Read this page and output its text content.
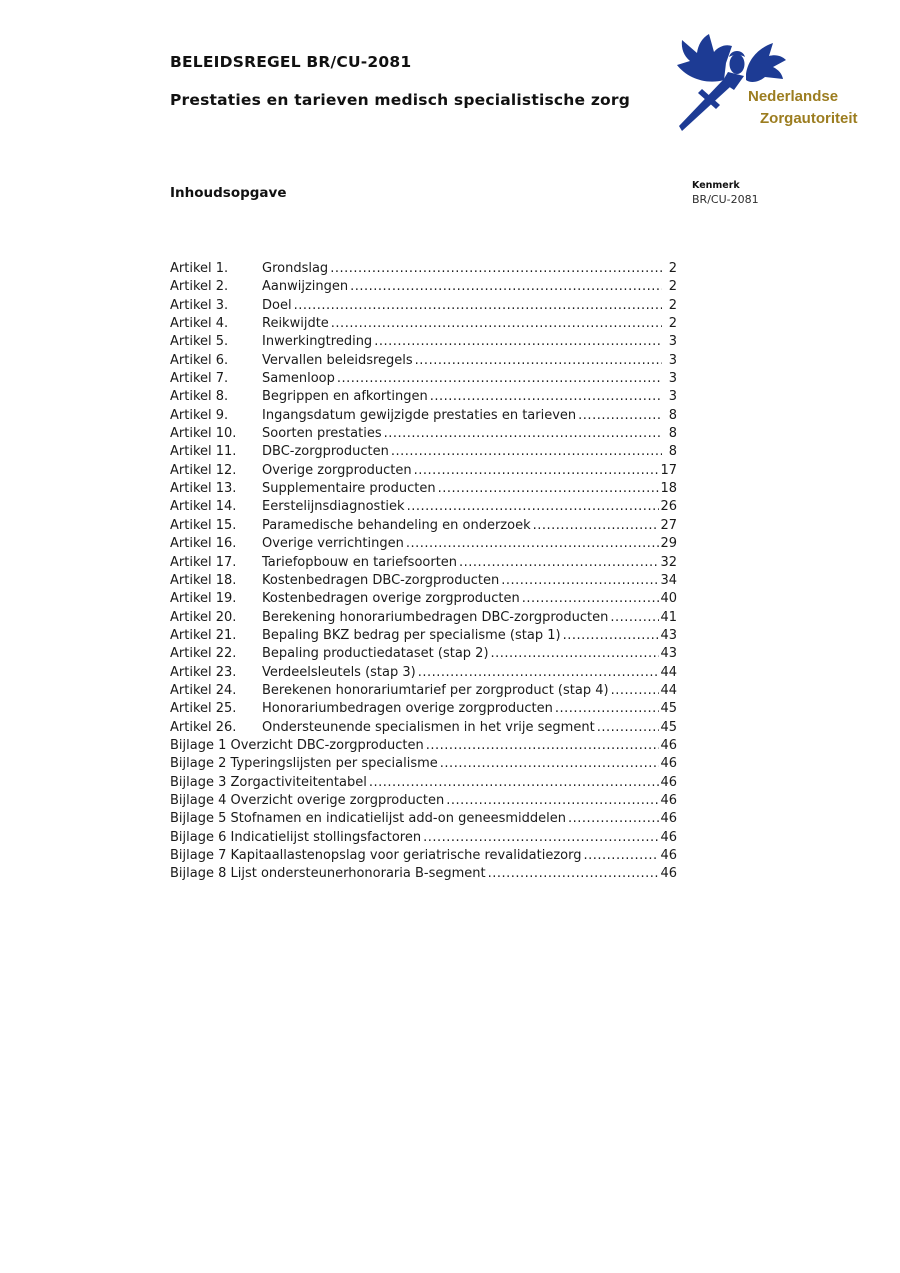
BELEIDSREGEL BR/CU-2081
Prestaties en tarieven medisch specialistische zorg	Nederlandse
Zorgautoriteit
Kenmerk
BR/CU-2081
Inhoudsopgave
Artikel 1.	Grondslag .....	2
Artikel 2.	Aanwijzingen .....	2
Artikel 3.	Doel .....	2
Artikel 4.	Reikwijdte .....	2
Artikel 5.	Inwerkingtreding .....	3
Artikel 6.	Vervallen beleidsregels .....	3
Artikel 7.	Samenloop .....	3
Artikel 8.	Begrippen en afkortingen .....	3
Artikel 9.	Ingangsdatum gewijzigde prestaties en tarieven .....	8
Artikel 10.	Soorten prestaties .....	8
Artikel 11.	DBC-zorgproducten .....	8
Artikel 12.	Overige zorgproducten .....	17
Artikel 13.	Supplementaire producten .....	18
Artikel 14.	Eerstelijnsdiagnostiek .....	26
Artikel 15.	Paramedische behandeling en onderzoek .....	27
Artikel 16.	Overige verrichtingen .....	29
Artikel 17.	Tariefopbouw en tariefsoorten .....	32
Artikel 18.	Kostenbedragen DBC-zorgproducten .....	34
Artikel 19.	Kostenbedragen overige zorgproducten .....	40
Artikel 20.	Berekening honorariumbedragen DBC-zorgproducten .....	41
Artikel 21.	Bepaling BKZ bedrag per specialisme (stap 1) .....	43
Artikel 22.	Bepaling productiedataset (stap 2) .....	43
Artikel 23.	Verdeelsleutels (stap 3) .....	44
Artikel 24.	Berekenen honorariumtarief per zorgproduct (stap 4) .....	44
Artikel 25.	Honorariumbedragen overige zorgproducten .....	45
Artikel 26.	Ondersteunende specialismen in het vrije segment .....	45
Bijlage 1 Overzicht DBC-zorgproducten .....	46
Bijlage 2 Typeringslijsten per specialisme .....	46
Bijlage 3 Zorgactiviteitentabel .....	46
Bijlage 4 Overzicht overige zorgproducten .....	46
Bijlage 5 Stofnamen en indicatielijst add-on geneesmiddelen .....	46
Bijlage 6 Indicatielijst stollingsfactoren .....	46
Bijlage 7 Kapitaallastenopslag voor geriatrische revalidatiezorg .....	46
Bijlage 8 Lijst ondersteunerhonoraria B-segment .....	46
